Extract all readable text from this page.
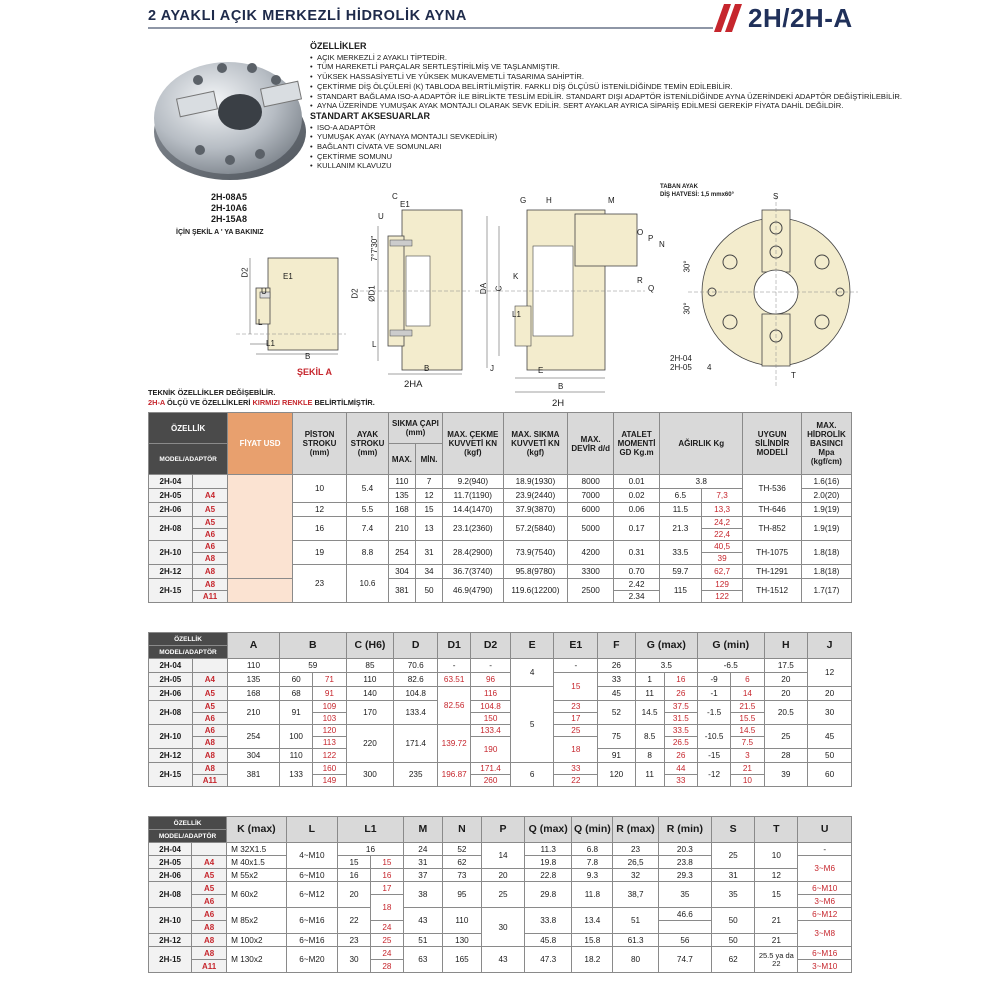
2 AYAKLI AÇIK MERKEZLİ HİDROLİK AYNA	2H/2H-A
ÖZELLİKLER
• AÇIK MERKEZLİ 2 AYAKLI TİPTEDİR.
• TÜM HAREKETLİ PARÇALAR SERTLEŞTİRİLMİŞ VE TAŞLANMIŞTIR.
• YÜKSEK HASSASİYETLİ VE YÜKSEK MUKAVEMETLİ TASARIMA SAHİPTİR.
• ÇEKTİRME DİŞ ÖLÇÜLERİ (K) TABLODA BELİRTİLMİŞTİR. FARKLI DİŞ ÖLÇÜSÜ İSTENİLDİĞİNDE TEMİN EDİLEBİLİR.
• STANDART BAĞLAMA ISO-A ADAPTÖR İLE BİRLİKTE TESLİM EDİLİR. STANDART DIŞI ADAPTÖR İSTENİLDİĞİNDE AYNA ÜZERİNDEKİ ADAPTÖR DEĞİŞTİRİLEBİLİR.
• AYNA ÜZERİNDE YUMUŞAK AYAK MONTAJLI OLARAK SEVK EDİLİR. SERT AYAKLAR AYRICA SİPARİŞ EDİLMESİ GEREKİP FİYATA DAHİL DEĞİLDİR.
STANDART AKSESUARLAR
• ISO-A ADAPTÖR
• YUMUŞAK AYAK (AYNAYA MONTAJLI SEVKEDİLİR)
• BAĞLANTI CİVATA VE SOMUNLARI
• ÇEKTİRME SOMUNU
• KULLANIM KLAVUZU
2H-08A5
2H-10A6
2H-15A8
İÇİN ŞEKİL A ' YA BAKINIZ
D2	E1
U
L
L1
B
ŞEKİL A
C
E1
U
7°7'30"
D2 ØD1
L
B
2HA
G H	M
TABAN AYAK
DİŞ HATVESİ: 1,5 mmx60°
O
P
N
DA C
K	R
Q
L1
J	E
B
2H
S
30°
30°
2H-04
2H-05 4
T
TEKNİK ÖZELLİKLER DEĞİŞEBİLİR.
2H-A ÖLÇÜ VE ÖZELLİKLERİ KIRMIZI RENKLE BELİRTİLMİŞTİR.
ÖZELLİK		FİYAT USD	PİSTON STROKU (mm)	AYAK STROKU (mm)	SIKMA ÇAPI (mm)		MAX. ÇEKME KUVVETİ KN (kgf)	MAX. SIKMA KUVVETİ KN (kgf)	MAX. DEVİR d/d	ATALET MOMENTİ GD Kg.m	AĞIRLIK Kg		UYGUN SİLİNDİR MODELİ	MAX. HİDROLİK BASINCI Mpa (kgf/cm)
MODEL/ADAPTÖR					MAX.	MİN.								
2H-04			10	5.4	110	7	9.2(940)	18.9(1930)	8000	0.01	3.8		TH-536	1.6(16)
2H-05	A4				135	12	11.7(1190)	23.9(2440)	7000	0.02	6.5	7,3		2.0(20)
2H-06	A5		12	5.5	168	15	14.4(1470)	37.9(3870)	6000	0.06	11.5	13,3	TH-646	1.9(19)
2H-08	A5		16	7.4	210	13	23.1(2360)	57.2(5840)	5000	0.17	21.3	24,2	TH-852	1.9(19)
	A6											22,4		
2H-10	A6		19	8.8	254	31	28.4(2900)	73.9(7540)	4200	0.31	33.5	40,5	TH-1075	1.8(18)
	A8											39		
2H-12	A8		23	10.6	304	34	36.7(3740)	95.8(9780)	3300	0.70	59.7	62,7	TH-1291	1.8(18)
2H-15	A8				381	50	46.9(4790)	119.6(12200)	2500	2.42	115	129	TH-1512	1.7(17)
	A11									2.34		122		
ÖZELLİK		A	B		C (H6)	D	D1	D2	E	E1	F	G (max)		G (min)		H	J
MODEL/ADAPTÖR																	
2H-04		110	59		85	70.6	-	-	4	-	26	3.5		-6.5		17.5	12
2H-05	A4	135	60	71	110	82.6	63.51	96		15	33	1	16	-9	6	20	
2H-06	A5	168	68	91	140	104.8	82.56	116	5		45	11	26	-1	14	20	20
2H-08	A5	210	91	109	170	133.4		104.8		23	52	14.5	37.5	-1.5	21.5	20.5	30
	A6			103				150		17			31.5		15.5		
2H-10	A6	254	100	120	220	171.4	139.72	133.4		25	75	8.5	33.5	-10.5	14.5	25	45
	A8			113				190		18			26.5		7.5		
2H-12	A8	304	110	122							91	8	26	-15	3	28	50
2H-15	A8	381	133	160	300	235	196.87	171.4	6	33	120	11	44	-12	21	39	60
	A11			149				260		22			33		10		
ÖZELLİK		K (max)	L	L1		M	N	P	Q (max)	Q (min)	R (max)	R (min)	S	T	U
MODEL/ADAPTÖR															
2H-04		M 32X1.5	4~M10	16		24	52	14	11.3	6.8	23	20.3	25	10	-
2H-05	A4	M 40x1.5		15	15	31	62		19.8	7.8	26,5	23.8			3~M6
2H-06	A5	M 55x2	6~M10	16	16	37	73	20	22.8	9.3	32	29.3	31	12	
2H-08	A5	M 60x2	6~M12	20	17	38	95	25	29.8	11.8	38,7	35	35	15	6~M10
	A6				18										3~M6
2H-10	A6	M 85x2	6~M16	22		43	110	30	33.8	13.4	51	46.6	50	21	6~M12
	A8				24										3~M8
2H-12	A8	M 100x2	6~M16	23	25	51	130		45.8	15.8	61.3	56	50	21	
2H-15	A8	M 130x2	6~M20	30	24	63	165	43	47.3	18.2	80	74.7	62	25.5 ya da 22	6~M16
	A11				28										3~M10
